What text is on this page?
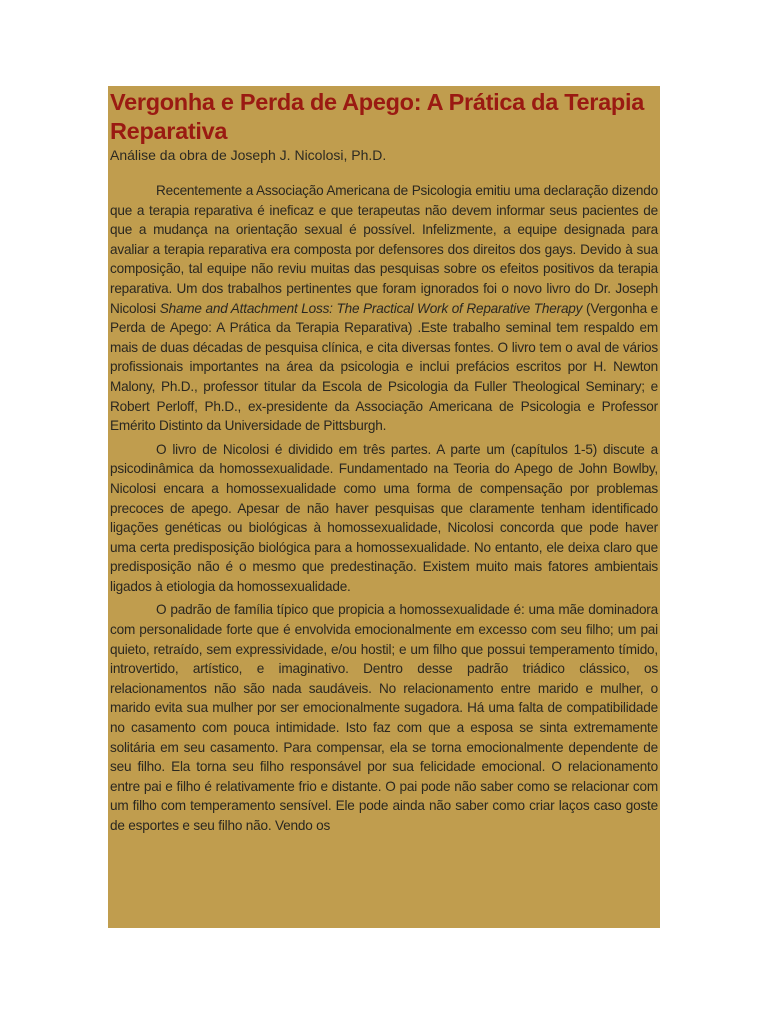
Vergonha e Perda de Apego: A Prática da Terapia Reparativa

Análise da obra de Joseph J. Nicolosi, Ph.D.

Recentemente a Associação Americana de Psicologia emitiu uma declaração dizendo que a terapia reparativa é ineficaz e que terapeutas não devem informar seus pacientes de que a mudança na orientação sexual é possível. Infelizmente, a equipe designada para avaliar a terapia reparativa era composta por defensores dos direitos dos gays. Devido à sua composição, tal equipe não reviu muitas das pesquisas sobre os efeitos positivos da terapia reparativa. Um dos trabalhos pertinentes que foram ignorados foi o novo livro do Dr. Joseph Nicolosi Shame and Attachment Loss: The Practical Work of Reparative Therapy (Vergonha e Perda de Apego: A Prática da Terapia Reparativa) .Este trabalho seminal tem respaldo em mais de duas décadas de pesquisa clínica, e cita diversas fontes. O livro tem o aval de vários profissionais importantes na área da psicologia e inclui prefácios escritos por H. Newton Malony, Ph.D., professor titular da Escola de Psicologia da Fuller Theological Seminary; e Robert Perloff, Ph.D., ex-presidente da Associação Americana de Psicologia e Professor Emérito Distinto da Universidade de Pittsburgh.

O livro de Nicolosi é dividido em três partes. A parte um (capítulos 1-5) discute a psicodinâmica da homossexualidade. Fundamentado na Teoria do Apego de John Bowlby, Nicolosi encara a homossexualidade como uma forma de compensação por problemas precoces de apego. Apesar de não haver pesquisas que claramente tenham identificado ligações genéticas ou biológicas à homossexualidade, Nicolosi concorda que pode haver uma certa predisposição biológica para a homossexualidade. No entanto, ele deixa claro que predisposição não é o mesmo que predestinação. Existem muito mais fatores ambientais ligados à etiologia da homossexualidade.

O padrão de família típico que propicia a homossexualidade é: uma mãe dominadora com personalidade forte que é envolvida emocionalmente em excesso com seu filho; um pai quieto, retraído, sem expressividade, e/ou hostil; e um filho que possui temperamento tímido, introvertido, artístico, e imaginativo. Dentro desse padrão triádico clássico, os relacionamentos não são nada saudáveis. No relacionamento entre marido e mulher, o marido evita sua mulher por ser emocionalmente sugadora. Há uma falta de compatibilidade no casamento com pouca intimidade. Isto faz com que a esposa se sinta extremamente solitária em seu casamento. Para compensar, ela se torna emocionalmente dependente de seu filho. Ela torna seu filho responsável por sua felicidade emocional. O relacionamento entre pai e filho é relativamente frio e distante. O pai pode não saber como se relacionar com um filho com temperamento sensível. Ele pode ainda não saber como criar laços caso goste de esportes e seu filho não. Vendo os
